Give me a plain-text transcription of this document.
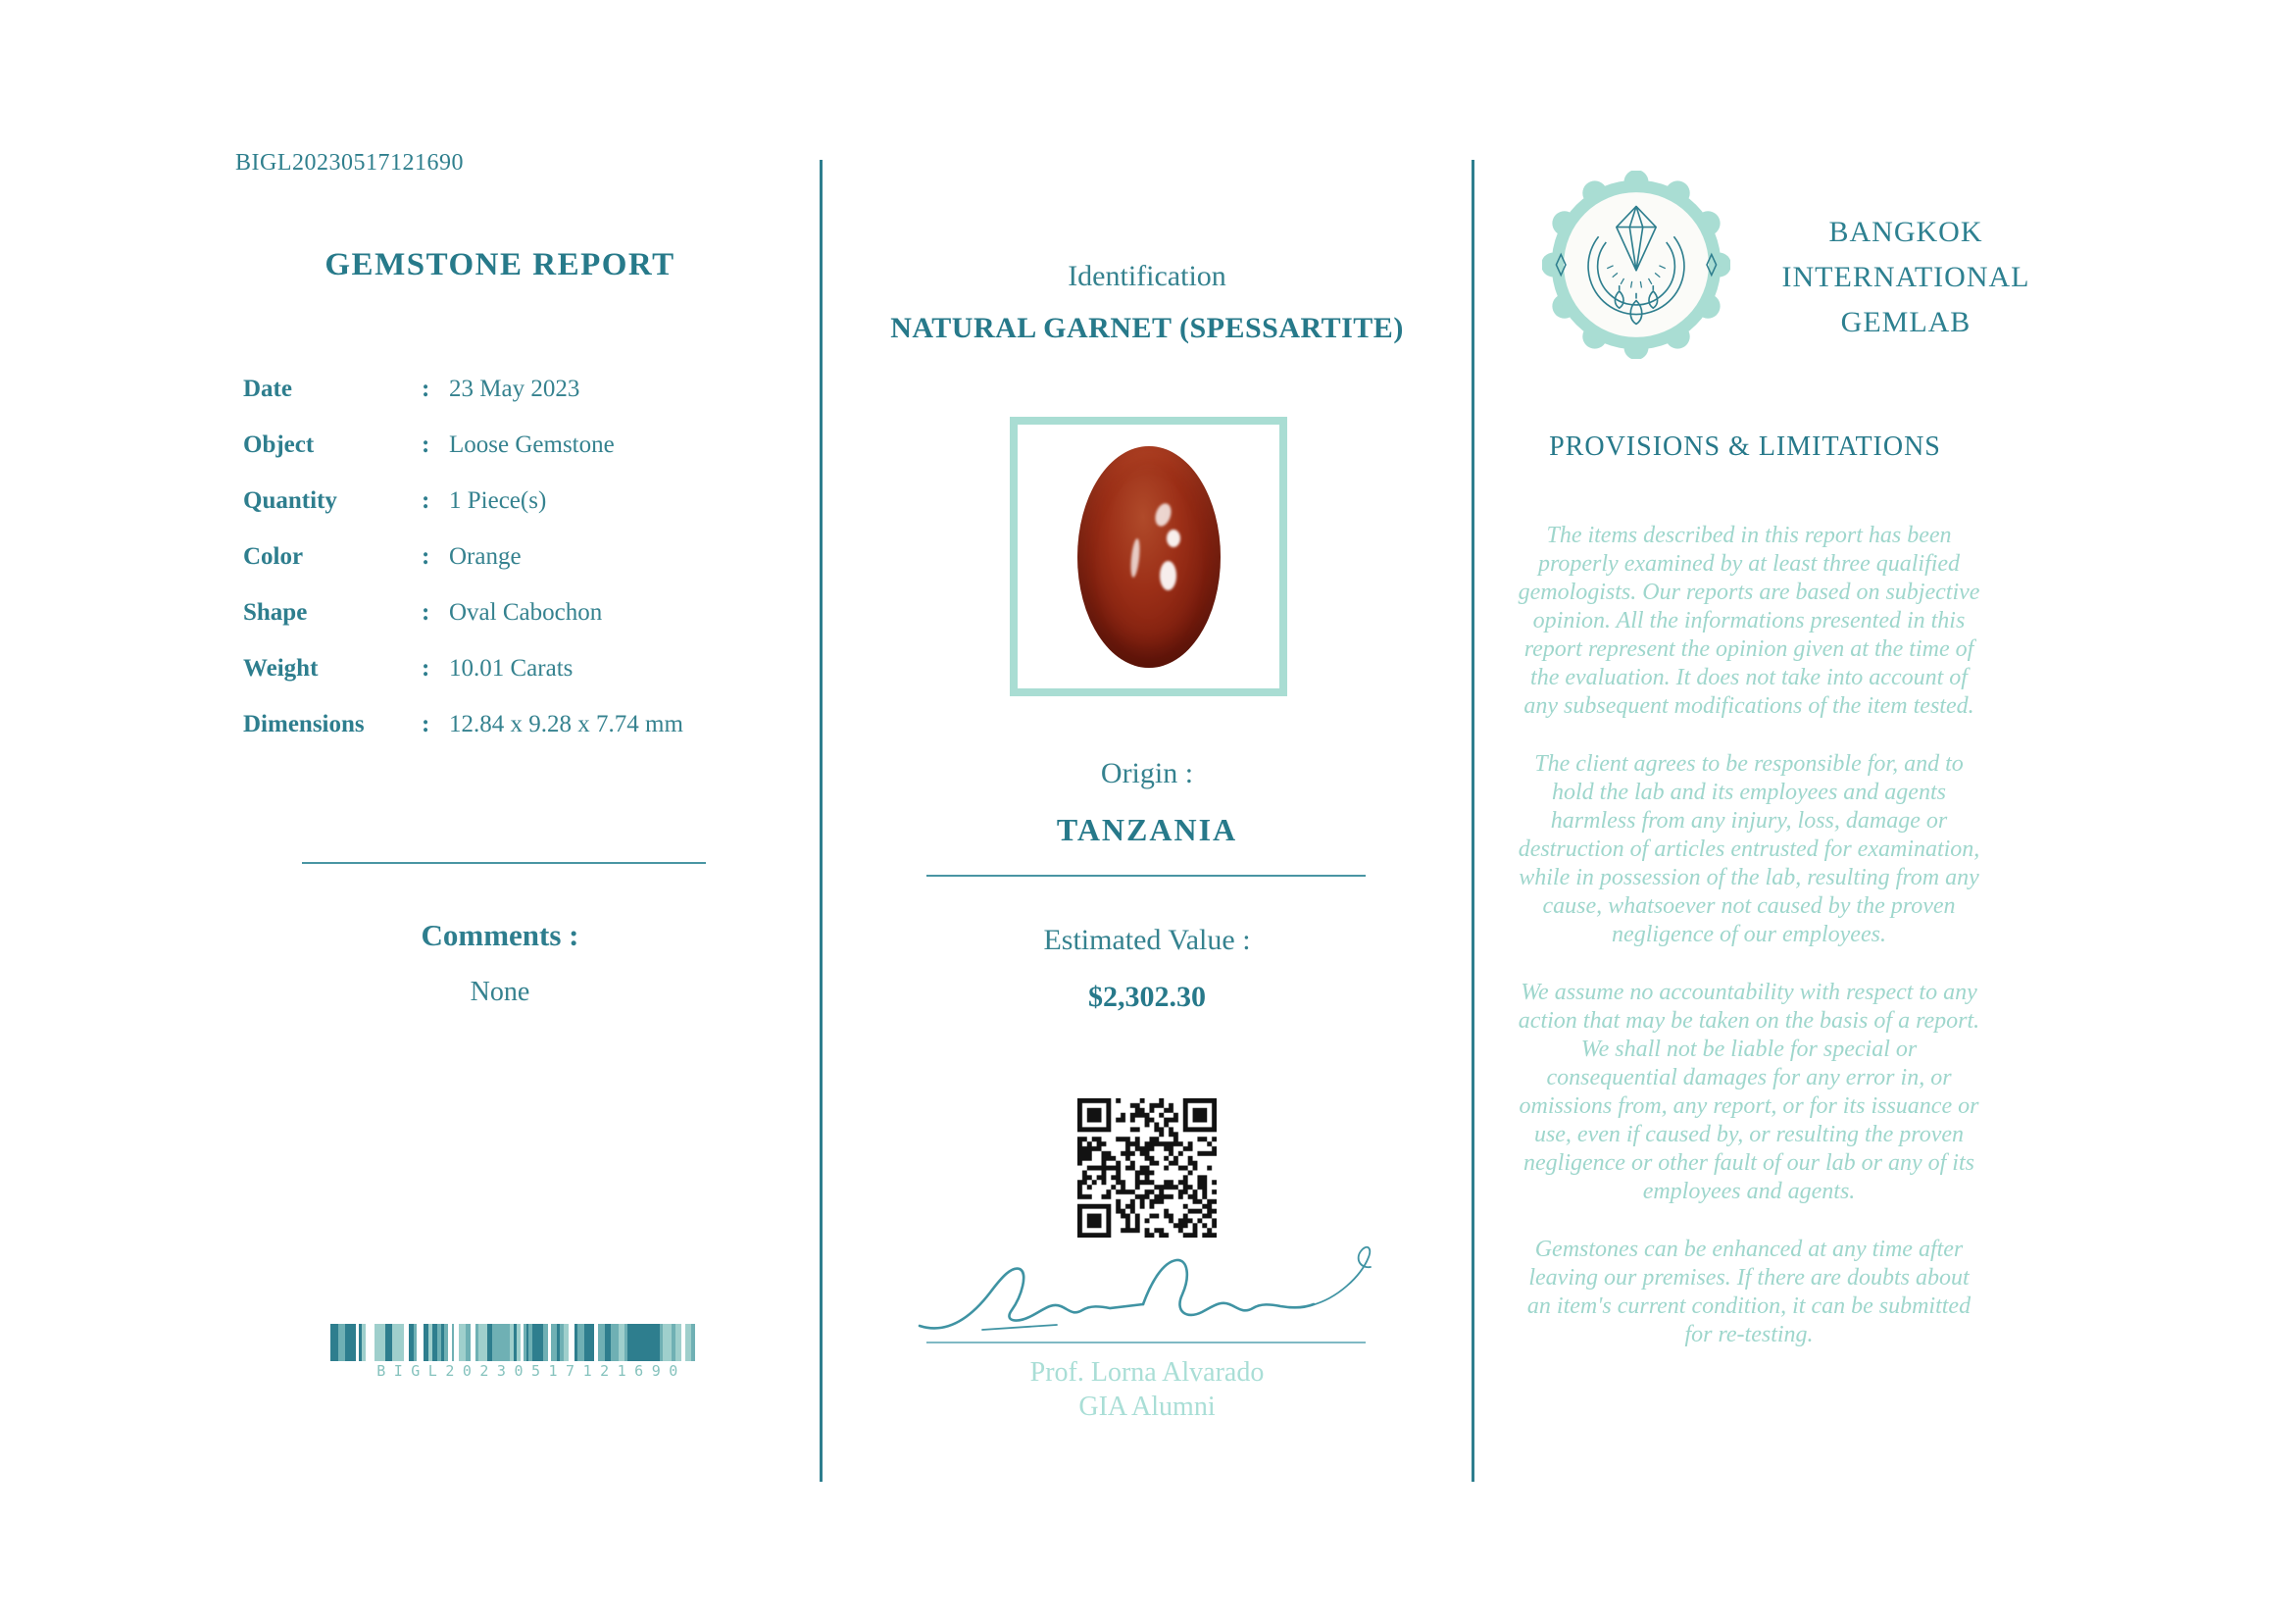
BIGL20230517121690
GEMSTONE REPORT
Date	: 23 May 2023
Object	: Loose Gemstone
Quantity	: 1 Piece(s)
Color	: Orange
Shape	: Oval Cabochon
Weight	: 10.01 Carats
Dimensions	: 12.84 x 9.28 x 7.74 mm
Comments :
None
BIGL20230517121690
Identification
NATURAL GARNET (SPESSARTITE)
Origin :
TANZANIA
Estimated Value :
$2,302.30
Prof. Lorna Alvarado
GIA Alumni
BANGKOK
INTERNATIONAL
GEMLAB
PROVISIONS & LIMITATIONS

The items described in this report has been properly examined by at least three qualified gemologists. Our reports are based on subjective opinion. All the informations presented in this report represent the opinion given at the time of the evaluation. It does not take into account of any subsequent modifications of the item tested.

The client agrees to be responsible for, and to hold the lab and its employees and agents harmless from any injury, loss, damage or destruction of articles entrusted for examination, while in possession of the lab, resulting from any cause, whatsoever not caused by the proven negligence of our employees.

We assume no accountability with respect to any action that may be taken on the basis of a report. We shall not be liable for special or consequential damages for any error in, or omissions from, any report, or for its issuance or use, even if caused by, or resulting the proven negligence or other fault of our lab or any of its employees and agents.

Gemstones can be enhanced at any time after leaving our premises. If there are doubts about an item's current condition, it can be submitted for re-testing.
